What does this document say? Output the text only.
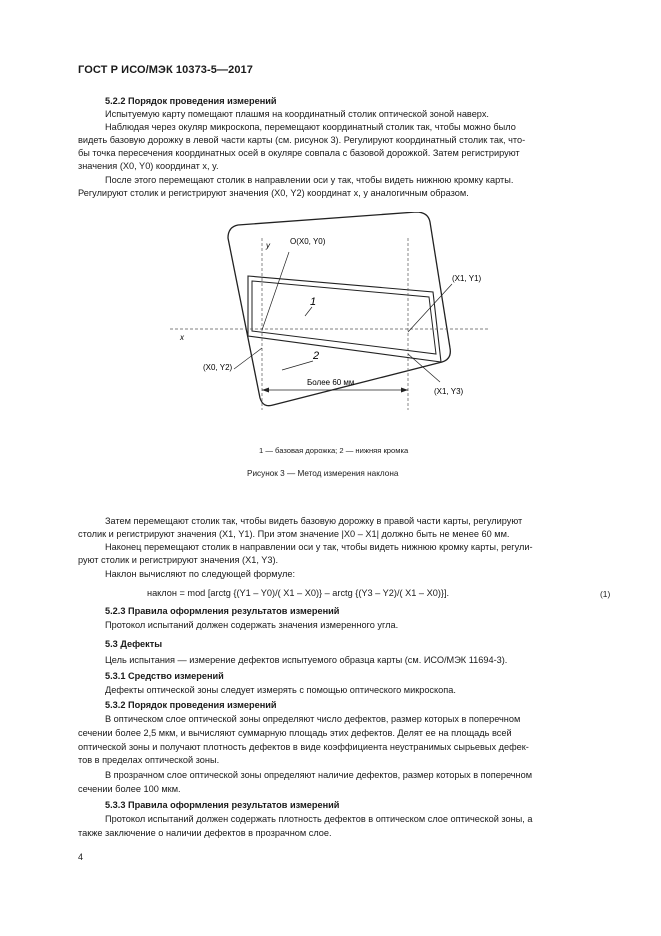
ГОСТ Р ИСО/МЭК 10373-5—2017
5.2.2 Порядок проведения измерений
Испытуемую карту помещают плашмя на координатный столик оптической зоной наверх.
Наблюдая через окуляр микроскопа, перемещают координатный столик так, чтобы можно было
видеть базовую дорожку в левой части карты (см. рисунок 3). Регулируют координатный столик так, что-
бы точка пересечения координатных осей в окуляре совпала с базовой дорожкой. Затем регистрируют
значения (X0, Y0) координат x, y.
После этого перемещают столик в направлении оси y так, чтобы видеть нижнюю кромку карты.
Регулируют столик и регистрируют значения (X0, Y2) координат x, y аналогичным образом.
y
x
O(X0, Y0)
(X1, Y1)
1
2
(X0, Y2)
(X1, Y3)
Более 60 мм
1 — базовая дорожка; 2 — нижняя кромка
Рисунок 3 — Метод измерения наклона
Затем перемещают столик так, чтобы видеть базовую дорожку в правой части карты, регулируют
столик и регистрируют значения (X1, Y1). При этом значение |X0 – X1| должно быть не менее 60 мм.
Наконец перемещают столик в направлении оси y так, чтобы видеть нижнюю кромку карты, регули-
руют столик и регистрируют значения (X1, Y3).
Наклон вычисляют по следующей формуле:
наклон = mod [arctg {(Y1 – Y0)/( X1 – X0)} – arctg {(Y3 – Y2)/( X1 – X0)}].	(1)
5.2.3 Правила оформления результатов измерений
Протокол испытаний должен содержать значения измеренного угла.
5.3 Дефекты
Цель испытания — измерение дефектов испытуемого образца карты (см. ИСО/МЭК 11694-3).
5.3.1 Средство измерений
Дефекты оптической зоны следует измерять с помощью оптического микроскопа.
5.3.2 Порядок проведения измерений
В оптическом слое оптической зоны определяют число дефектов, размер которых в поперечном
сечении более 2,5 мкм, и вычисляют суммарную площадь этих дефектов. Делят ее на площадь всей
оптической зоны и получают плотность дефектов в виде коэффициента неустранимых сырьевых дефек-
тов в пределах оптической зоны.
В прозрачном слое оптической зоны определяют наличие дефектов, размер которых в поперечном
сечении более 100 мкм.
5.3.3 Правила оформления результатов измерений
Протокол испытаний должен содержать плотность дефектов в оптическом слое оптической зоны, а
также заключение о наличии дефектов в прозрачном слое.
4
